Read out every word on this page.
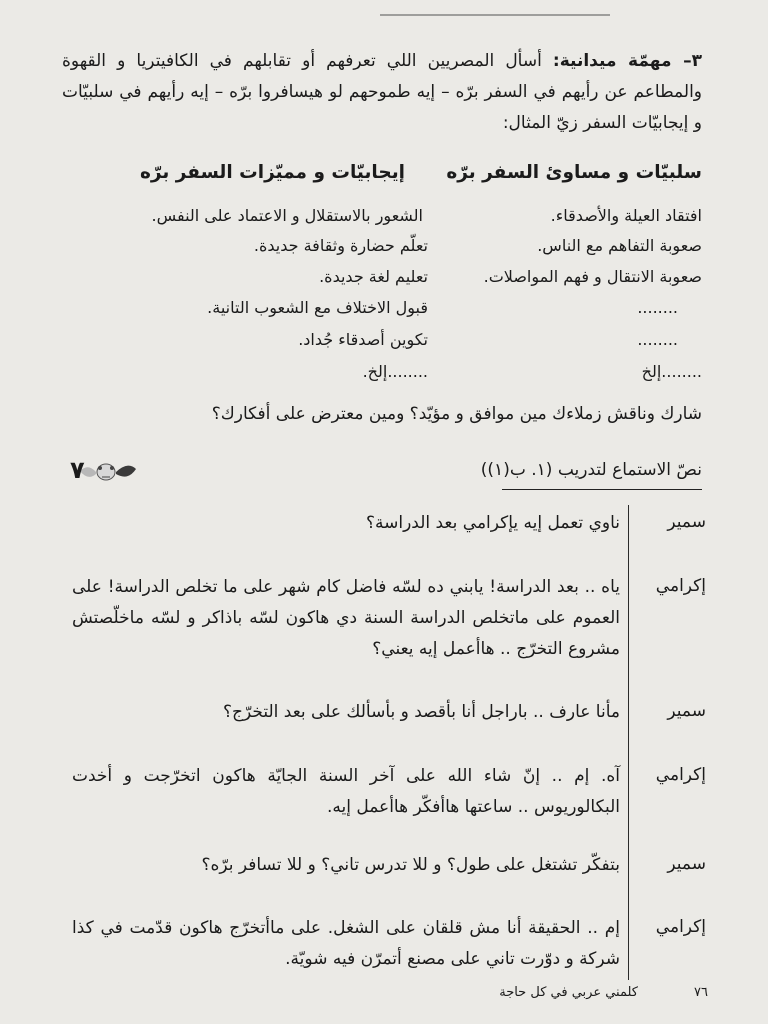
٣– مهمّة ميدانية: أسأل المصريين اللي تعرفهم أو تقابلهم في الكافيتريا و القهوة والمطاعم عن رأيهم في السفر برّه – إيه طموحهم لو هيسافروا برّه – إيه رأيهم في سلبيّات و إيجابيّات السفر زيّ المثال:
سلبيّات و مساوئ السفر برّه
إيجابيّات و مميّزات السفر برّه
افتقاد العيلة والأصدقاء.
صعوبة التفاهم مع الناس.
صعوبة الانتقال و فهم المواصلات.
........
........
........إلخ
الشعور بالاستقلال و الاعتماد على النفس.
تعلّم حضارة وثقافة جديدة.
تعليم لغة جديدة.
قبول الاختلاف مع الشعوب التانية.
تكوين أصدقاء جُداد.
........إلخ.
شارك وناقش زملاءك مين موافق و مؤيّد؟ ومين معترض على أفكارك؟
نصّ الاستماع لتدريب (١. ب(١))
٧
سمير
ناوي تعمل إيه يإكرامي بعد الدراسة؟
إكرامي
ياه .. بعد الدراسة! يابني ده لسّه فاضل كام شهر على ما تخلص الدراسة! على العموم على ماتخلص الدراسة السنة دي هاكون لسّه باذاكر و لسّه ماخلّصتش مشروع التخرّج .. هاأعمل إيه يعني؟
سمير
مأنا عارف .. باراجل أنا بأقصد و بأسألك على بعد التخرّج؟
إكرامي
آه. إم .. إنّ شاء الله على آخر السنة الجايّة هاكون اتخرّجت و أخدت البكالوريوس .. ساعتها هاأفكّر هاأعمل إيه.
سمير
بتفكّر تشتغل على طول؟ و للا تدرس تاني؟ و للا تسافر برّه؟
إكرامي
إم .. الحقيقة أنا مش قلقان على الشغل. على ماأتخرّج هاكون قدّمت في كذا شركة و دوّرت تاني على مصنع أتمرّن فيه شويّة.
٧٦
كلمني عربي في كل حاجة
